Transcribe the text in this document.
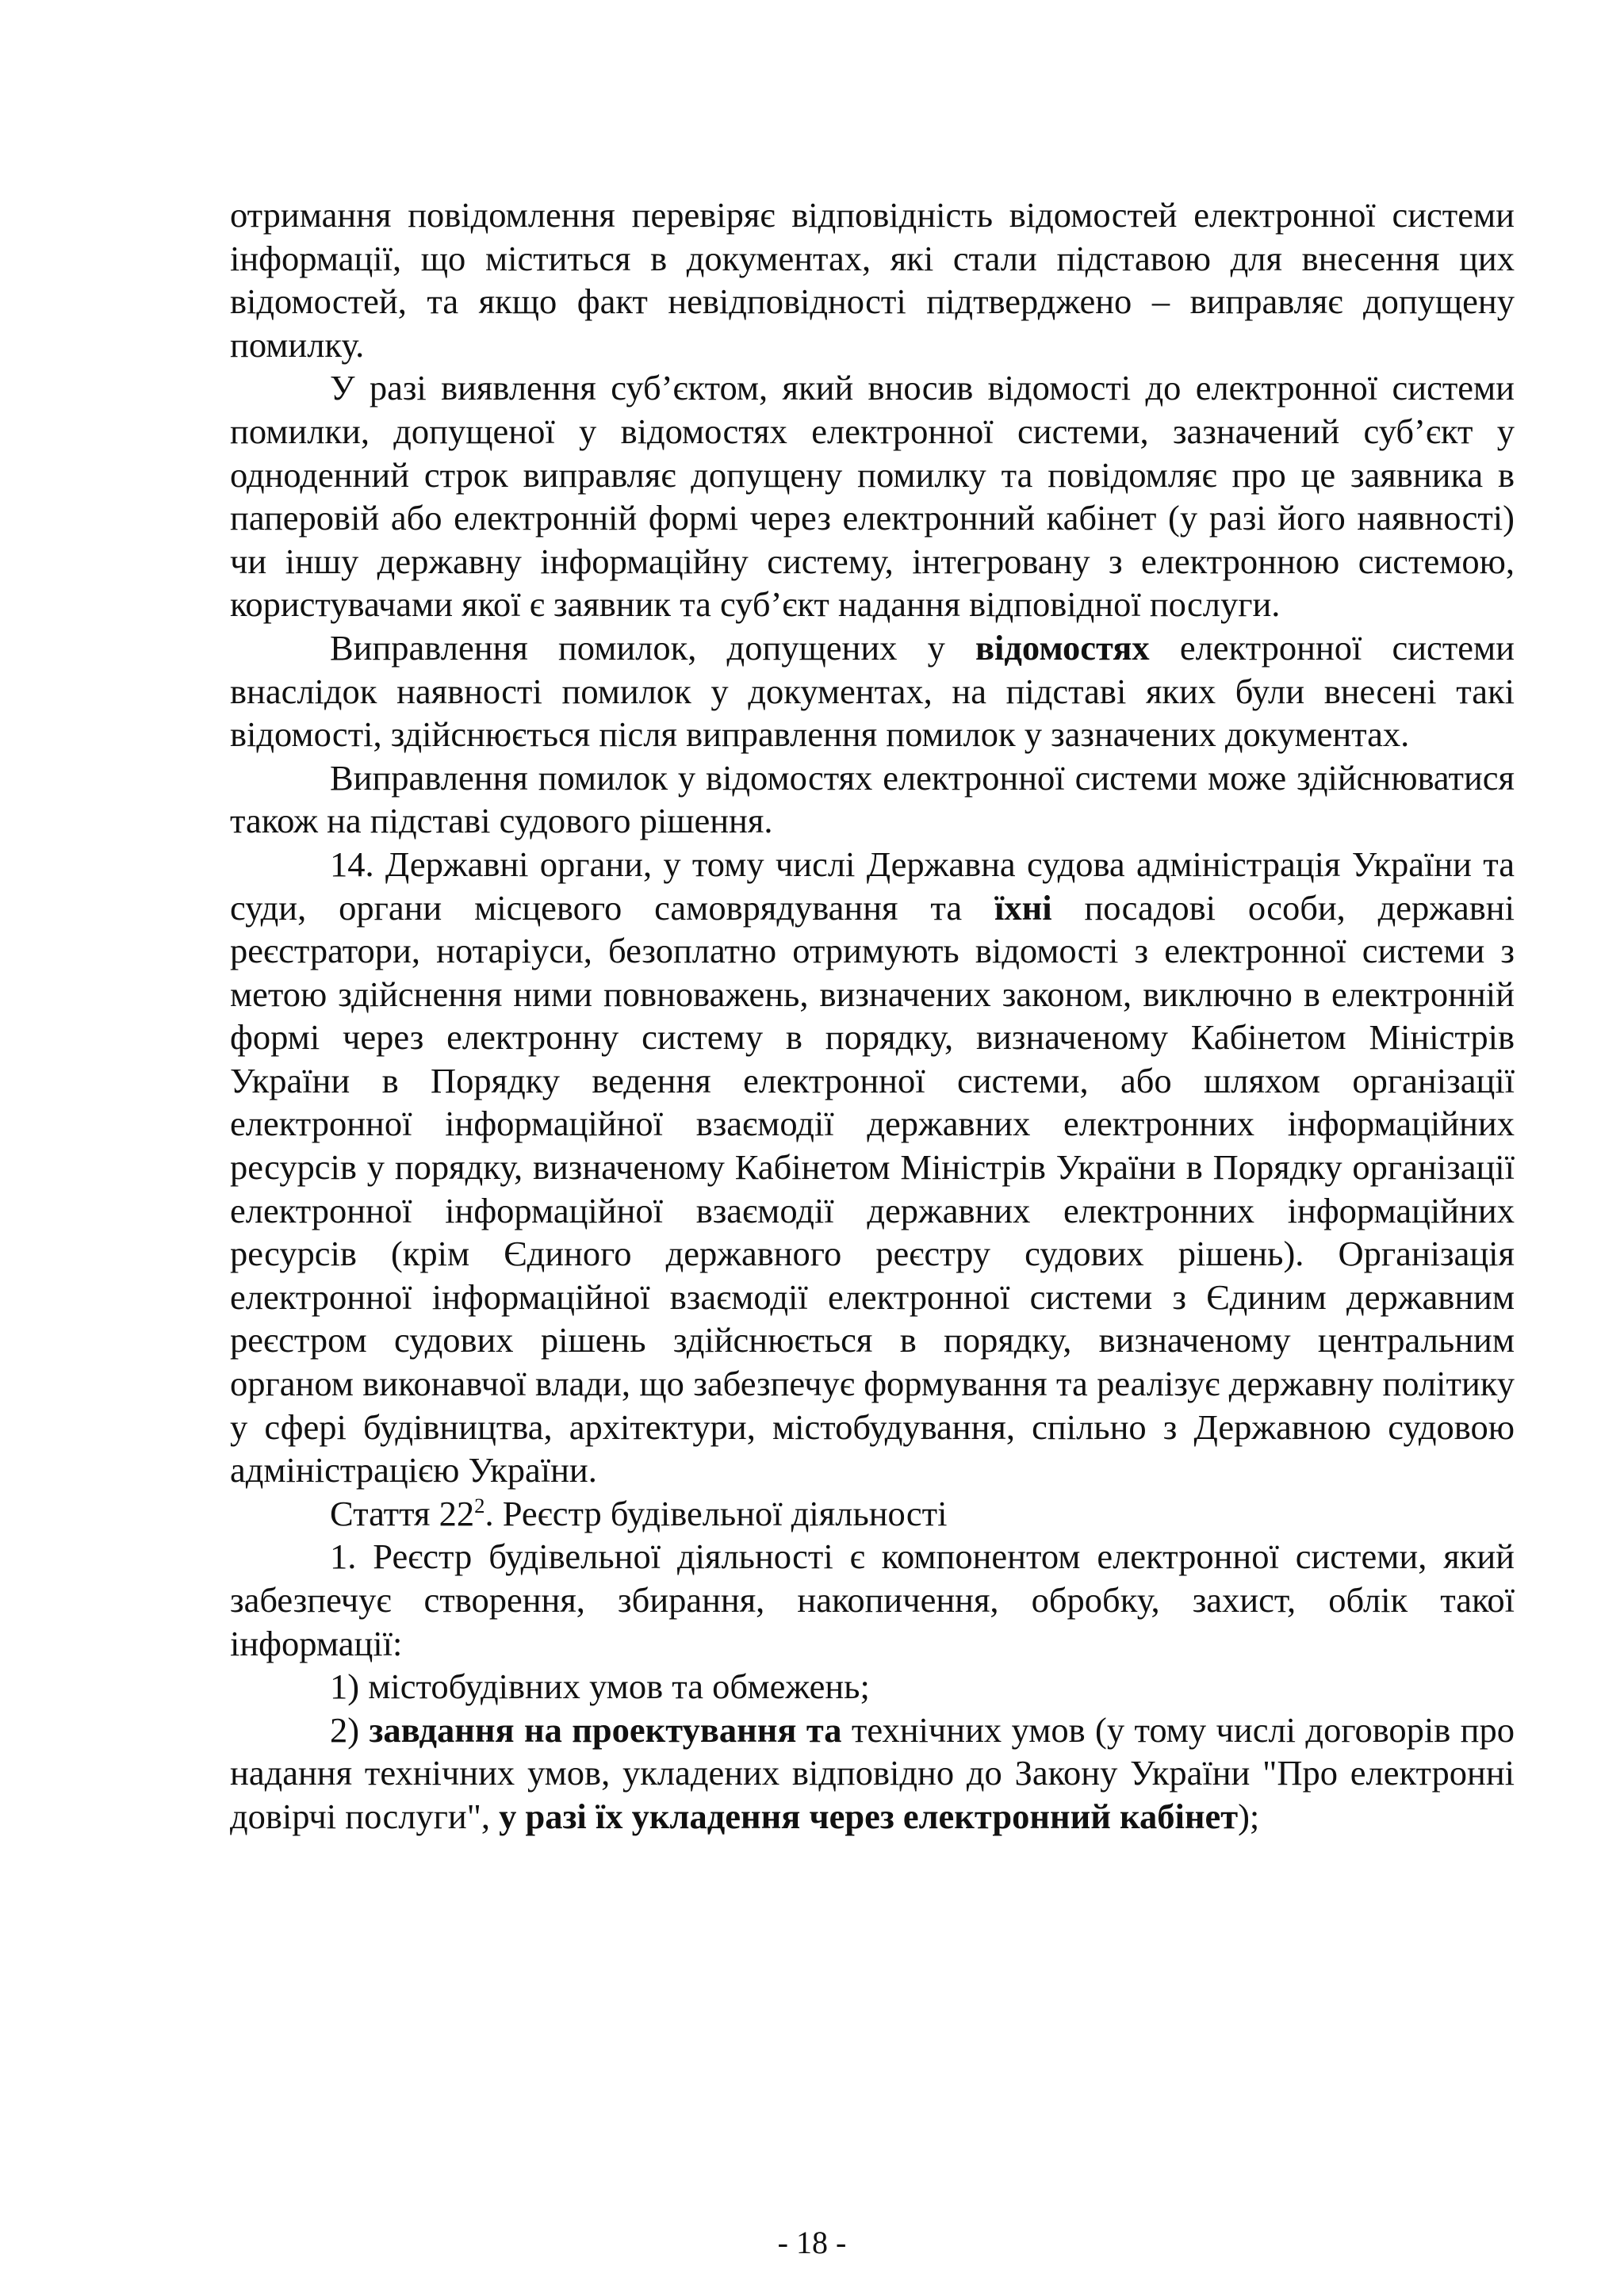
отримання повідомлення перевіряє відповідність відомостей електронної системи інформації, що міститься в документах, які стали підставою для внесення цих відомостей, та якщо факт невідповідності підтверджено – виправляє допущену помилку.

У разі виявлення суб’єктом, який вносив відомості до електронної системи помилки, допущеної у відомостях електронної системи, зазначений суб’єкт у одноденний строк виправляє допущену помилку та повідомляє про це заявника в паперовій або електронній формі через електронний кабінет (у разі його наявності) чи іншу державну інформаційну систему, інтегровану з електронною системою, користувачами якої є заявник та суб’єкт надання відповідної послуги.

Виправлення помилок, допущених у відомостях електронної системи внаслідок наявності помилок у документах, на підставі яких були внесені такі відомості, здійснюється після виправлення помилок у зазначених документах.

Виправлення помилок у відомостях електронної системи може здійснюватися також на підставі судового рішення.

14. Державні органи, у тому числі Державна судова адміністрація України та суди, органи місцевого самоврядування та їхні посадові особи, державні реєстратори, нотаріуси, безоплатно отримують відомості з електронної системи з метою здійснення ними повноважень, визначених законом, виключно в електронній формі через електронну систему в порядку, визначеному Кабінетом Міністрів України в Порядку ведення електронної системи, або шляхом організації електронної інформаційної взаємодії державних електронних інформаційних ресурсів у порядку, визначеному Кабінетом Міністрів України в Порядку організації електронної інформаційної взаємодії державних електронних інформаційних ресурсів (крім Єдиного державного реєстру судових рішень). Організація електронної інформаційної взаємодії електронної системи з Єдиним державним реєстром судових рішень здійснюється в порядку, визначеному центральним органом виконавчої влади, що забезпечує формування та реалізує державну політику у сфері будівництва, архітектури, містобудування, спільно з Державною судовою адміністрацією України.

Стаття $22^2$. Реєстр будівельної діяльності

1. Реєстр будівельної діяльності є компонентом електронної системи, який забезпечує створення, збирання, накопичення, обробку, захист, облік такої інформації:

1) містобудівних умов та обмежень;

2) завдання на проектування та технічних умов (у тому числі договорів про надання технічних умов, укладених відповідно до Закону України "Про електронні довірчі послуги", у разі їх укладення через електронний кабінет);

- 18 -
